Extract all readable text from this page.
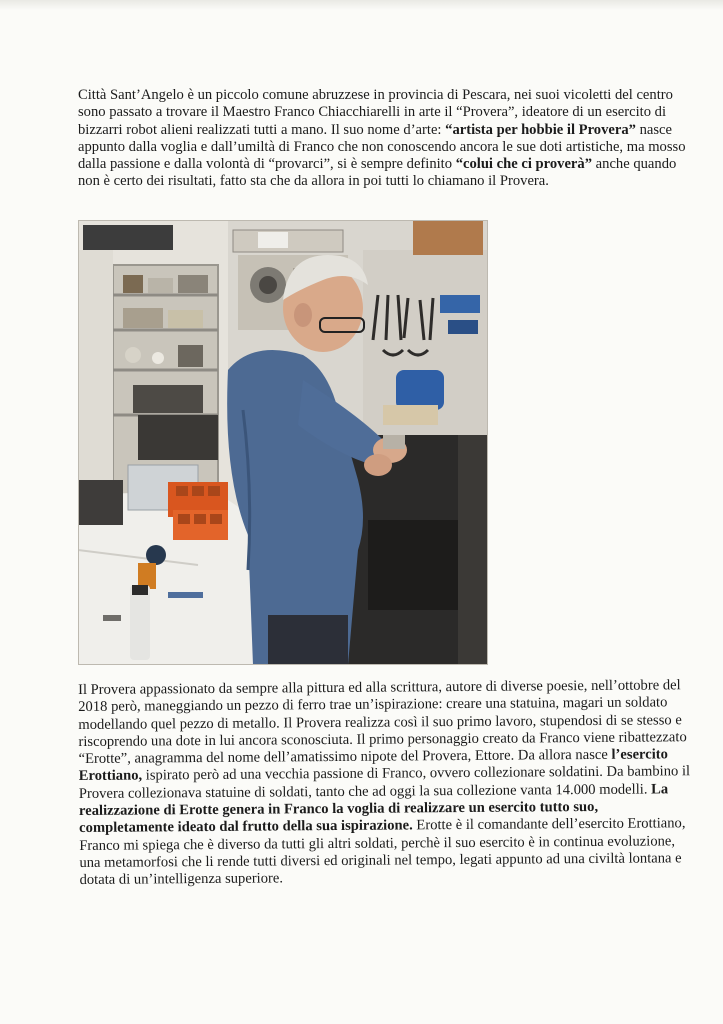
Città Sant’Angelo è un piccolo comune abruzzese in provincia di Pescara, nei suoi vicoletti del centro sono passato a trovare il Maestro Franco Chiacchiarelli in arte il “Provera”, ideatore di un esercito di bizzarri robot alieni realizzati tutti a mano. Il suo nome d’arte: “artista per hobbie il Provera” nasce appunto dalla voglia e dall’umiltà di Franco che non conoscendo ancora le sue doti artistiche, ma mosso dalla passione e dalla volontà di “provarci”, si è sempre definito “colui che ci proverà” anche quando non è certo dei risultati, fatto sta che da allora in poi tutti lo chiamano il Provera.

Il Provera appassionato da sempre alla pittura ed alla scrittura, autore di diverse poesie, nell’ottobre del 2018 però, maneggiando un pezzo di ferro trae un’ispirazione: creare una statuina, magari un soldato modellando quel pezzo di metallo. Il Provera realizza così il suo primo lavoro, stupendosi di se stesso e riscoprendo una dote in lui ancora sconosciuta. Il primo personaggio creato da Franco viene ribattezzato “Erotte”, anagramma del nome dell’amatissimo nipote del Provera, Ettore. Da allora nasce l’esercito Erottiano, ispirato però ad una vecchia passione di Franco, ovvero collezionare soldatini. Da bambino il Provera collezionava statuine di soldati, tanto che ad oggi la sua collezione vanta 14.000 modelli. La realizzazione di Erotte genera in Franco la voglia di realizzare un esercito tutto suo, completamente ideato dal frutto della sua ispirazione. Erotte è il comandante dell’esercito Erottiano, Franco mi spiega che è diverso da tutti gli altri soldati, perchè il suo esercito è in continua evoluzione, una metamorfosi che li rende tutti diversi ed originali nel tempo, legati appunto ad una civiltà lontana e dotata di un’intelligenza superiore.
